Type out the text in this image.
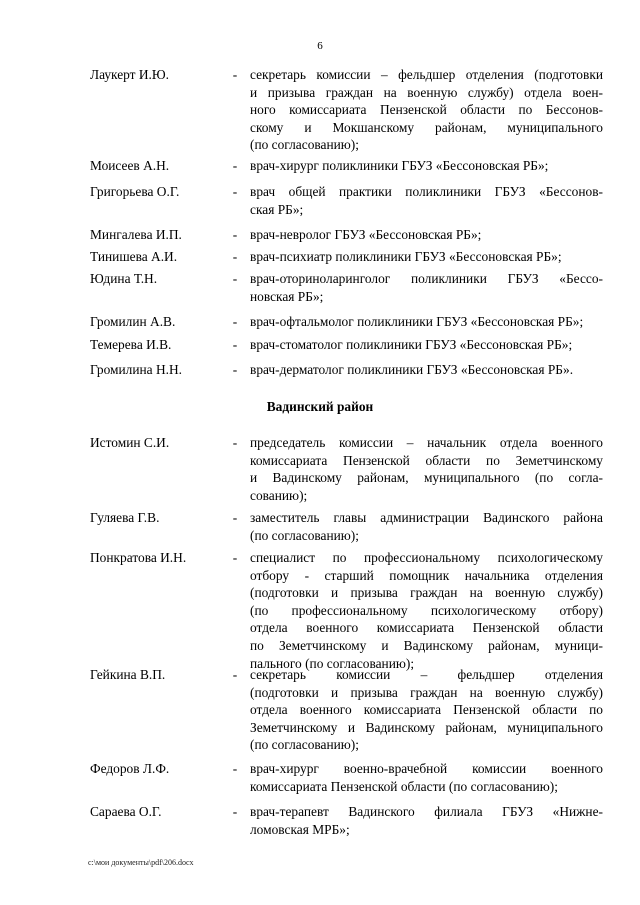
6
Лаукерт И.Ю.	- секретарь комиссии – фельдшер отделения (подготовки
и призыва граждан на военную службу) отдела воен-
ного комиссариата Пензенской области по Бессонов-
скому и Мокшанскому районам, муниципального
(по согласованию);
Моисеев А.Н.	- врач-хирург поликлиники ГБУЗ «Бессоновская РБ»;
Григорьева О.Г.	- врач общей практики поликлиники ГБУЗ «Бессонов-
ская РБ»;
Мингалева И.П.	- врач-невролог ГБУЗ «Бессоновская РБ»;
Тинишева А.И.	- врач-психиатр поликлиники ГБУЗ «Бессоновская РБ»;
Юдина Т.Н.	- врач-оториноларинголог поликлиники ГБУЗ «Бессо-
новская РБ»;
Громилин А.В.	- врач-офтальмолог поликлиники ГБУЗ «Бессоновская РБ»;
Темерева И.В.	- врач-стоматолог поликлиники ГБУЗ «Бессоновская РБ»;
Громилина Н.Н.	- врач-дерматолог поликлиники ГБУЗ «Бессоновская РБ».
Истомин С.И.	- председатель комиссии – начальник отдела военного
комиссариата Пензенской области по Земетчинскому
и Вадинскому районам, муниципального (по согла-
сованию);
Гуляева Г.В.	- заместитель главы администрации Вадинского района
(по согласованию);
Понкратова И.Н.	- специалист по профессиональному психологическому
отбору - старший помощник начальника отделения
(подготовки и призыва граждан на военную службу)
(по профессиональному психологическому отбору)
отдела военного комиссариата Пензенской области
по Земетчинскому и Вадинскому районам, муници-
пального (по согласованию);
Гейкина В.П.	- секретарь комиссии – фельдшер отделения
(подготовки и призыва граждан на военную службу)
отдела военного комиссариата Пензенской области по
Земетчинскому и Вадинскому районам, муниципального
(по согласованию);
Федоров Л.Ф.	- врач-хирург военно-врачебной комиссии военного
комиссариата Пензенской области (по согласованию);
Сараева О.Г.	- врач-терапевт Вадинского филиала ГБУЗ «Нижне-
ломовская МРБ»;
Вадинский район
c:\мои документы\pdf\206.docx
